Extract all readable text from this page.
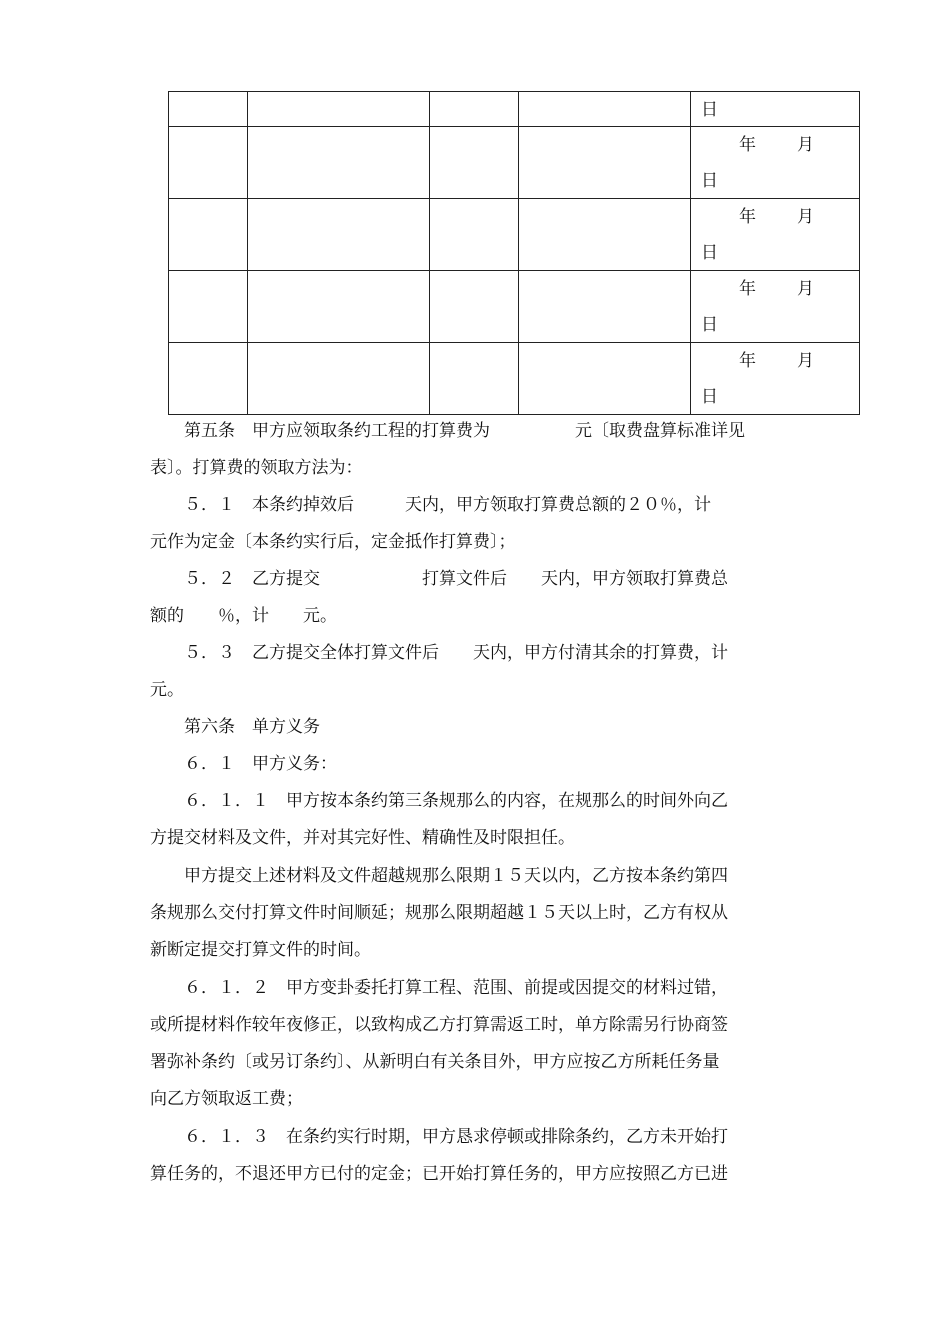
				日

				年 月
日

				年 月
日

				年 月
日

				年 月
日
　　第五条　甲方应领取条约工程的打算费为　　　　　元〔取费盘算标准详见
表〕。打算费的领取方法为：
　　５．１　本条约掉效后　　　天内，甲方领取打算费总额的２０％，计
元作为定金〔本条约实行后，定金抵作打算费〕；
　　５．２　乙方提交　　　　　　打算文件后　　天内，甲方领取打算费总
额的　　％，计　　元。
　　５．３　乙方提交全体打算文件后　　天内，甲方付清其余的打算费，计
元。
　　第六条　单方义务
　　６．１　甲方义务：
　　６．１．１　甲方按本条约第三条规那么的内容，在规那么的时间外向乙
方提交材料及文件，并对其完好性、精确性及时限担任。
　　甲方提交上述材料及文件超越规那么限期１５天以内，乙方按本条约第四
条规那么交付打算文件时间顺延；规那么限期超越１５天以上时，乙方有权从
新断定提交打算文件的时间。
　　６．１．２　甲方变卦委托打算工程、范围、前提或因提交的材料过错，
或所提材料作较年夜修正，以致构成乙方打算需返工时，单方除需另行协商签
署弥补条约〔或另订条约〕、从新明白有关条目外，甲方应按乙方所耗任务量
向乙方领取返工费；
　　６．１．３　在条约实行时期，甲方恳求停顿或排除条约，乙方未开始打
算任务的，不退还甲方已付的定金；已开始打算任务的，甲方应按照乙方已进
